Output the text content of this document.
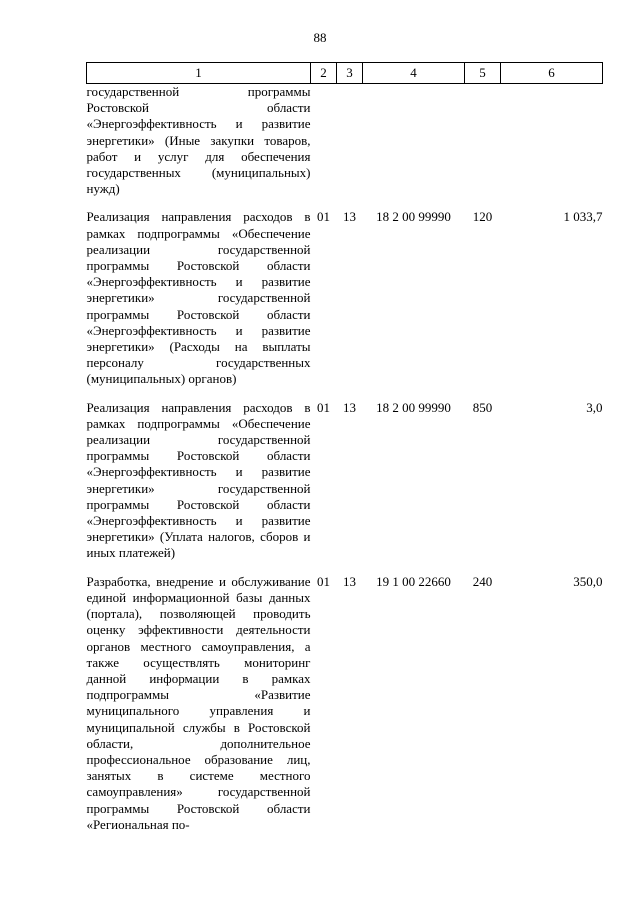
88
1	2	3	4	5	6
государственной программы Ростовской области «Энергоэффективность и развитие энергетики» (Иные закупки товаров, работ и услуг для обеспечения государственных (муниципальных) нужд)					

Реализация направления расходов в рамках подпрограммы «Обеспечение реализации государственной программы Ростовской области «Энергоэффективность и развитие энергетики» государственной программы Ростовской области «Энергоэффективность и развитие энергетики» (Расходы на выплаты персоналу государственных (муниципальных) органов)	01	13	18 2 00 99990	120	1 033,7

Реализация направления расходов в рамках подпрограммы «Обеспечение реализации государственной программы Ростовской области «Энергоэффективность и развитие энергетики» государственной программы Ростовской области «Энергоэффективность и развитие энергетики» (Уплата налогов, сборов и иных платежей)	01	13	18 2 00 99990	850	3,0

Разработка, внедрение и обслуживание единой информационной базы данных (портала), позволяющей проводить оценку эффективности деятельности органов местного самоуправления, а также осуществлять мониторинг данной информации в рамках подпрограммы «Развитие муниципального управления и муниципальной службы в Ростовской области, дополнительное профессиональное образование лиц, занятых в системе местного самоуправления» государственной программы Ростовской области «Региональная по-	01	13	19 1 00 22660	240	350,0
